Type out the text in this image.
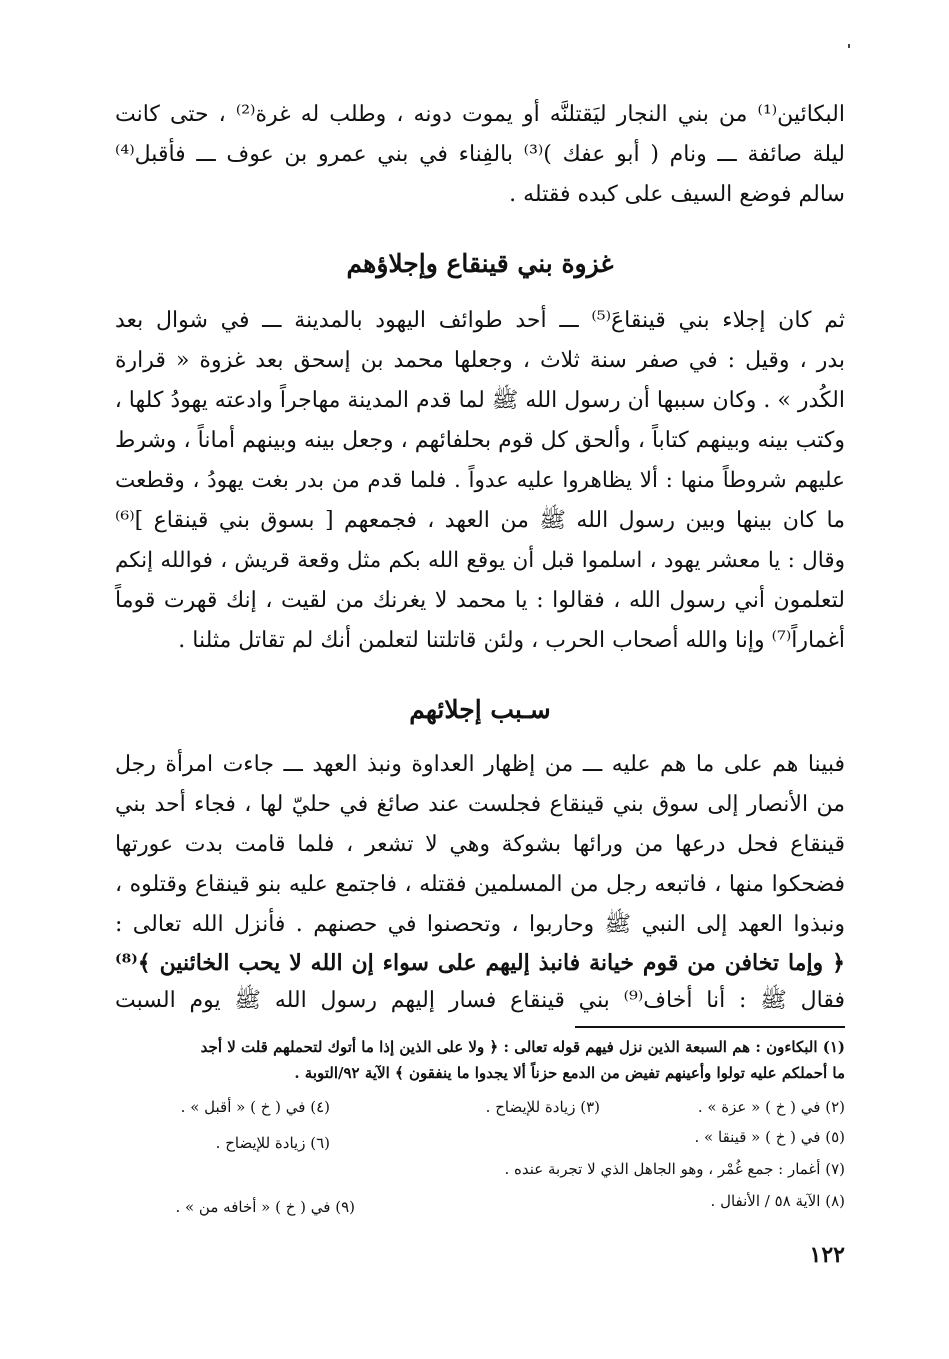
البكائين⁽¹⁾ من بني النجار ليَقتلنَّه أو يموت دونه ، وطلب له غرة⁽²⁾ ، حتى كانت
ليلة صائفة ـــ ونام ( أبو عفك )⁽³⁾ بالفِناء في بني عمرو بن عوف ـــ فأقبل⁽⁴⁾
سالم فوضع السيف على كبده فقتله .
غزوة بني قينقاع وإجلاؤهم
ثم كان إجلاء بني قينقاعَ⁽⁵⁾ ـــ أحد طوائف اليهود بالمدينة ـــ في شوال بعد
بدر ، وقيل : في صفر سنة ثلاث ، وجعلها محمد بن إسحق بعد غزوة « قرارة
الكُدر » . وكان سببها أن رسول الله ﷺ لما قدم المدينة مهاجراً وادعته يهودُ كلها ،
وكتب بينه وبينهم كتاباً ، وألحق كل قوم بحلفائهم ، وجعل بينه وبينهم أماناً ، وشرط
عليهم شروطاً منها : ألا يظاهروا عليه عدواً . فلما قدم من بدر بغت يهودُ ، وقطعت
ما كان بينها وبين رسول الله ﷺ من العهد ، فجمعهم [ بسوق بني قينقاع ]⁽⁶⁾
وقال : يا معشر يهود ، اسلموا قبل أن يوقع الله بكم مثل وقعة قريش ، فوالله إنكم
لتعلمون أني رسول الله ، فقالوا : يا محمد لا يغرنك من لقيت ، إنك قهرت قوماً
أغماراً⁽⁷⁾ وإنا والله أصحاب الحرب ، ولئن قاتلتنا لتعلمن أنك لم تقاتل مثلنا .
سـبب إجلائهم
فبينا هم على ما هم عليه ـــ من إظهار العداوة ونبذ العهد ـــ جاءت امرأة رجل
من الأنصار إلى سوق بني قينقاع فجلست عند صائغ في حليّ لها ، فجاء أحد بني
قينقاع فحل درعها من ورائها بشوكة وهي لا تشعر ، فلما قامت بدت عورتها
فضحكوا منها ، فاتبعه رجل من المسلمين فقتله ، فاجتمع عليه بنو قينقاع وقتلوه ،
ونبذوا العهد إلى النبي ﷺ وحاربوا ، وتحصنوا في حصنهم . فأنزل الله تعالى :
﴿ وإما تخافن من قوم خيانة فانبذ إليهم على سواء إن الله لا يحب الخائنين ﴾⁽⁸⁾
فقال ﷺ : أنا أخاف⁽⁹⁾ بني قينقاع فسار إليهم رسول الله ﷺ يوم السبت
(١) البكاءون : هم السبعة الذين نزل فيهم قوله تعالى : ﴿ ولا على الذين إذا ما أتوك لتحملهم قلت لا أجد
ما أحملكم عليه تولوا وأعينهم تفيض من الدمع حزناً ألا يجدوا ما ينفقون ﴾ الآية ٩٢/التوبة .
(٢) في ( خ ) « عزة » .
(٣) زيادة للإيضاح .
(٤) في ( خ ) « أقبل » .
(٥) في ( خ ) « قينقا » .
(٦) زيادة للإيضاح .
(٧) أغمار : جمع غُمْر ، وهو الجاهل الذي لا تجربة عنده .
(٨) الآية ٥٨ / الأنفال .
(٩) في ( خ ) « أخافه من » .
١٢٢
